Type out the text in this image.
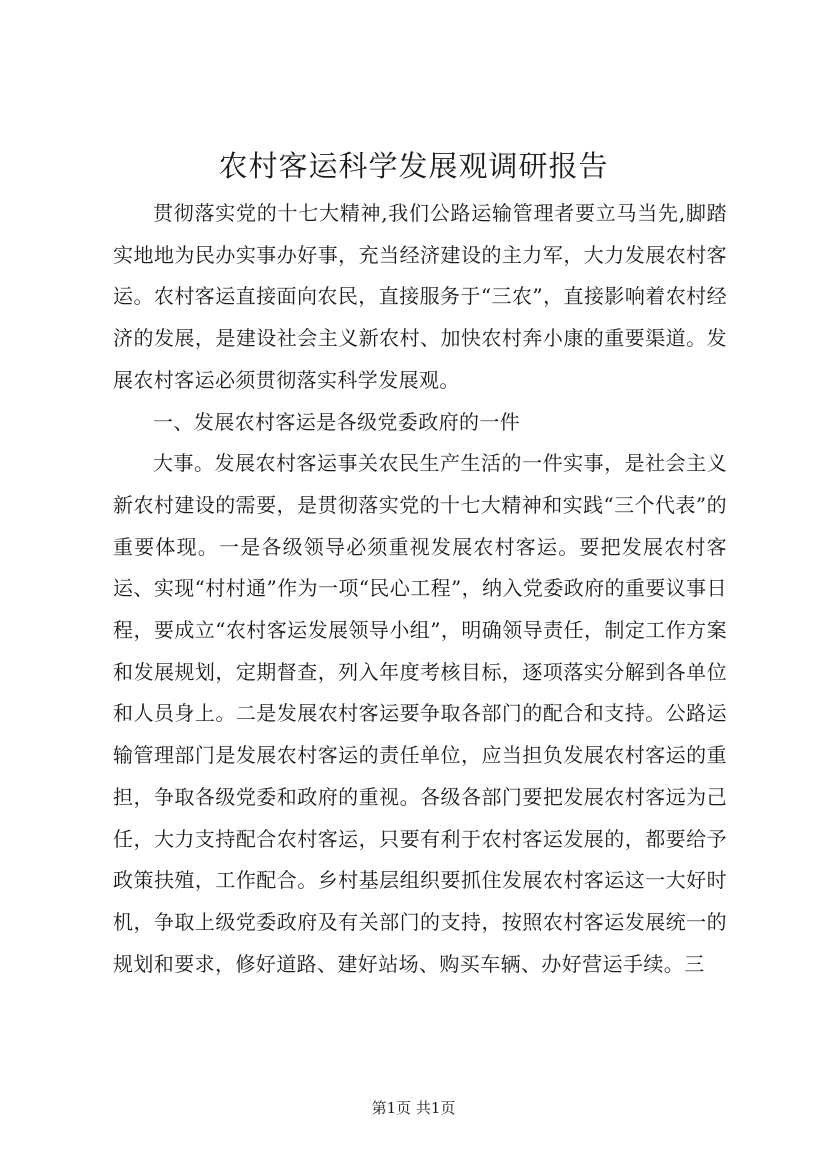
农村客运科学发展观调研报告

贯彻落实党的十七大精神,我们公路运输管理者要立马当先,脚踏实地地为民办实事办好事，充当经济建设的主力军，大力发展农村客运。农村客运直接面向农民，直接服务于“三农”，直接影响着农村经济的发展，是建设社会主义新农村、加快农村奔小康的重要渠道。发展农村客运必须贯彻落实科学发展观。

一、发展农村客运是各级党委政府的一件

大事。发展农村客运事关农民生产生活的一件实事，是社会主义新农村建设的需要，是贯彻落实党的十七大精神和实践“三个代表”的重要体现。一是各级领导必须重视发展农村客运。要把发展农村客运、实现“村村通”作为一项“民心工程”，纳入党委政府的重要议事日程，要成立“农村客运发展领导小组”，明确领导责任，制定工作方案和发展规划，定期督查，列入年度考核目标，逐项落实分解到各单位和人员身上。二是发展农村客运要争取各部门的配合和支持。公路运输管理部门是发展农村客运的责任单位，应当担负发展农村客运的重担，争取各级党委和政府的重视。各级各部门要把发展农村客远为己任，大力支持配合农村客运，只要有利于农村客运发展的，都要给予政策扶殖，工作配合。乡村基层组织要抓住发展农村客运这一大好时机，争取上级党委政府及有关部门的支持，按照农村客运发展统一的规划和要求，修好道路、建好站场、购买车辆、办好营运手续。三

第1页 共1页
